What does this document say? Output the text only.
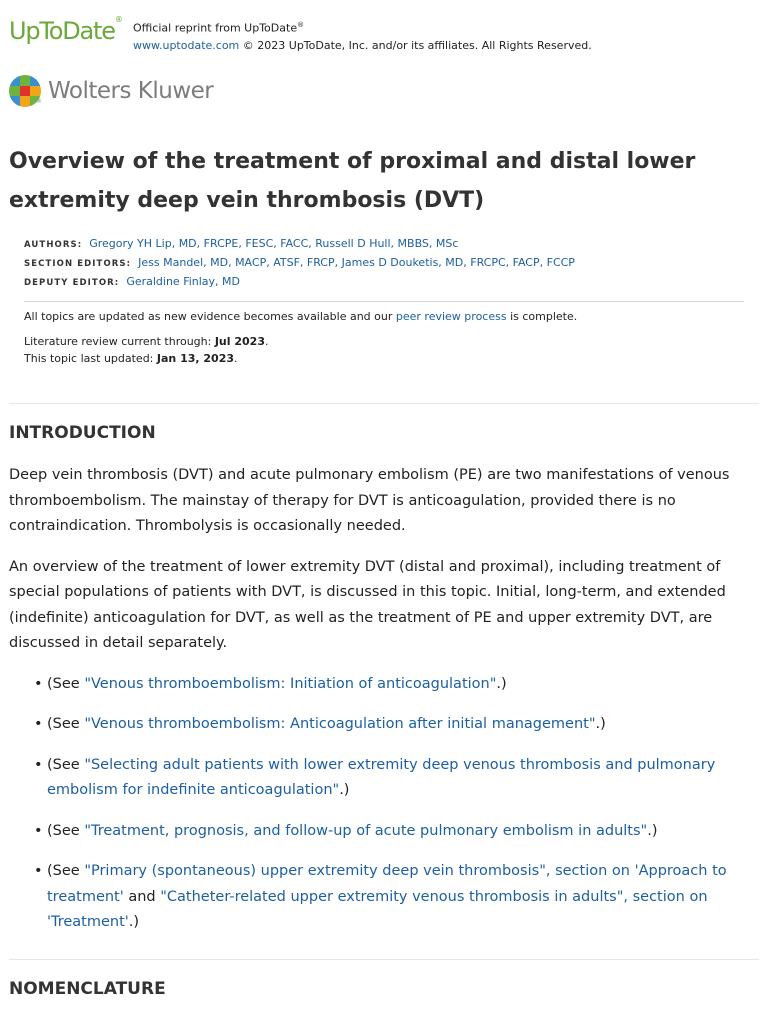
UpToDate®
Official reprint from UpToDate®
www.uptodate.com © 2023 UpToDate, Inc. and/or its affiliates. All Rights Reserved.
® Wolters Kluwer
Overview of the treatment of proximal and distal lower extremity deep vein thrombosis (DVT)
AUTHORS: Gregory YH Lip, MD, FRCPE, FESC, FACC, Russell D Hull, MBBS, MSc
SECTION EDITORS: Jess Mandel, MD, MACP, ATSF, FRCP, James D Douketis, MD, FRCPC, FACP, FCCP
DEPUTY EDITOR: Geraldine Finlay, MD

All topics are updated as new evidence becomes available and our peer review process is complete.

Literature review current through: Jul 2023.

This topic last updated: Jan 13, 2023.

INTRODUCTION

Deep vein thrombosis (DVT) and acute pulmonary embolism (PE) are two manifestations of venous thromboembolism. The mainstay of therapy for DVT is anticoagulation, provided there is no contraindication. Thrombolysis is occasionally needed.

An overview of the treatment of lower extremity DVT (distal and proximal), including treatment of special populations of patients with DVT, is discussed in this topic. Initial, long-term, and extended (indefinite) anticoagulation for DVT, as well as the treatment of PE and upper extremity DVT, are discussed in detail separately.

• (See "Venous thromboembolism: Initiation of anticoagulation".)
• (See "Venous thromboembolism: Anticoagulation after initial management".)
• (See "Selecting adult patients with lower extremity deep venous thrombosis and pulmonary embolism for indefinite anticoagulation".)
• (See "Treatment, prognosis, and follow-up of acute pulmonary embolism in adults".)
• (See "Primary (spontaneous) upper extremity deep vein thrombosis", section on 'Approach to treatment' and "Catheter-related upper extremity venous thrombosis in adults", section on 'Treatment'.)
NOMENCLATURE
